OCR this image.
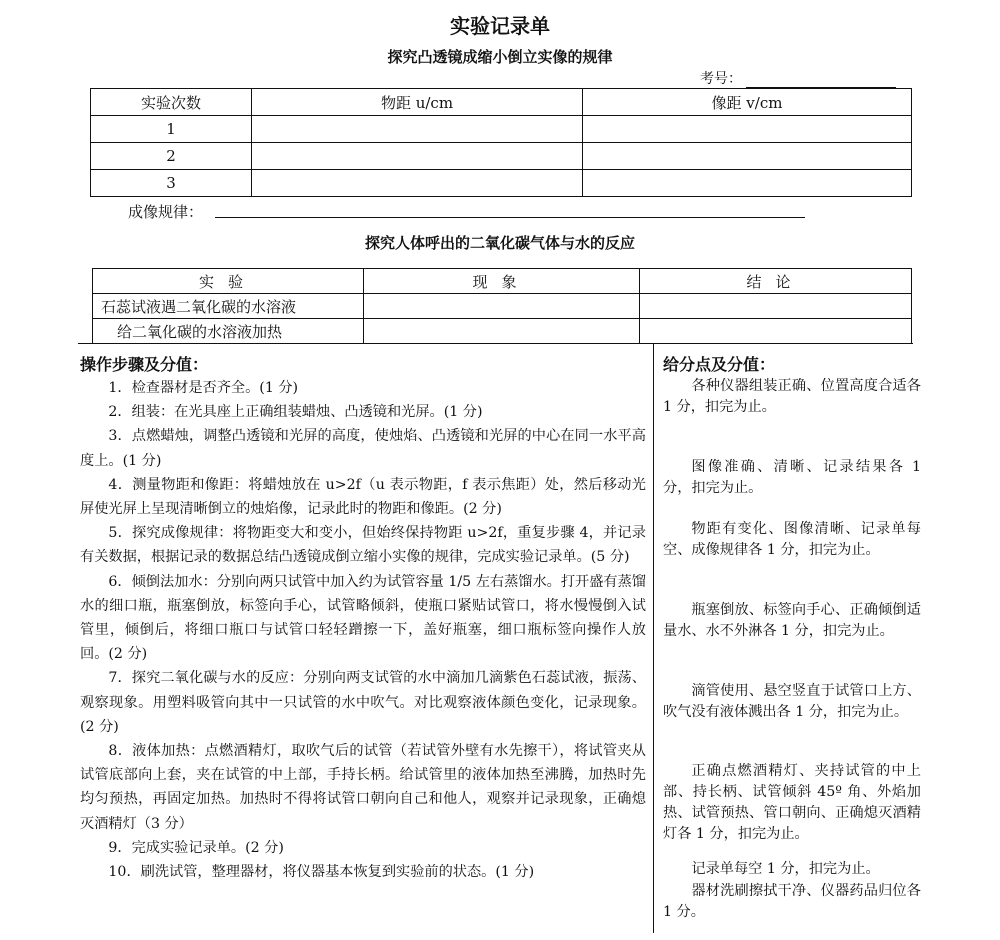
实验记录单
探究凸透镜成缩小倒立实像的规律
考号：
实验次数	物距 u/cm	像距 v/cm
1		
2		
3		
成像规律：
探究人体呼出的二氧化碳气体与水的反应
实验	现象	结论
石蕊试液遇二氧化碳的水溶液		
给二氧化碳的水溶液加热		
操作步骤及分值：	给分点及分值：

1．检查器材是否齐全。(1 分)

2．组装：在光具座上正确组装蜡烛、凸透镜和光屏。(1 分)

3．点燃蜡烛，调整凸透镜和光屏的高度，使烛焰、凸透镜和光屏的中心在同一水平高度上。(1 分)

4．测量物距和像距：将蜡烛放在 u>2f（u 表示物距，f 表示焦距）处，然后移动光屏使光屏上呈现清晰倒立的烛焰像，记录此时的物距和像距。(2 分)

5．探究成像规律：将物距变大和变小，但始终保持物距 u>2f，重复步骤 4，并记录有关数据，根据记录的数据总结凸透镜成倒立缩小实像的规律，完成实验记录单。(5 分)

6．倾倒法加水：分别向两只试管中加入约为试管容量 1/5 左右蒸馏水。打开盛有蒸馏水的细口瓶，瓶塞倒放，标签向手心，试管略倾斜，使瓶口紧贴试管口，将水慢慢倒入试管里，倾倒后，将细口瓶口与试管口轻轻蹭擦一下，盖好瓶塞，细口瓶标签向操作人放回。(2 分)

7．探究二氧化碳与水的反应：分别向两支试管的水中滴加几滴紫色石蕊试液，振荡、观察现象。用塑料吸管向其中一只试管的水中吹气。对比观察液体颜色变化，记录现象。(2 分)

8．液体加热：点燃酒精灯，取吹气后的试管（若试管外壁有水先擦干），将试管夹从试管底部向上套，夹在试管的中上部，手持长柄。给试管里的液体加热至沸腾，加热时先均匀预热，再固定加热。加热时不得将试管口朝向自己和他人，观察并记录现象，正确熄灭酒精灯（3 分）

9．完成实验记录单。(2 分)

10．刷洗试管，整理器材，将仪器基本恢复到实验前的状态。(1 分)

各种仪器组装正确、位置高度合适各 1 分，扣完为止。

图像准确、清晰、记录结果各 1 分，扣完为止。

物距有变化、图像清晰、记录单每空、成像规律各 1 分，扣完为止。

瓶塞倒放、标签向手心、正确倾倒适量水、水不外淋各 1 分，扣完为止。

滴管使用、悬空竖直于试管口上方、吹气没有液体溅出各 1 分，扣完为止。

正确点燃酒精灯、夹持试管的中上部、持长柄、试管倾斜 45º 角、外焰加热、试管预热、管口朝向、正确熄灭酒精灯各 1 分，扣完为止。

记录单每空 1 分，扣完为止。

器材洗刷擦拭干净、仪器药品归位各 1 分。
